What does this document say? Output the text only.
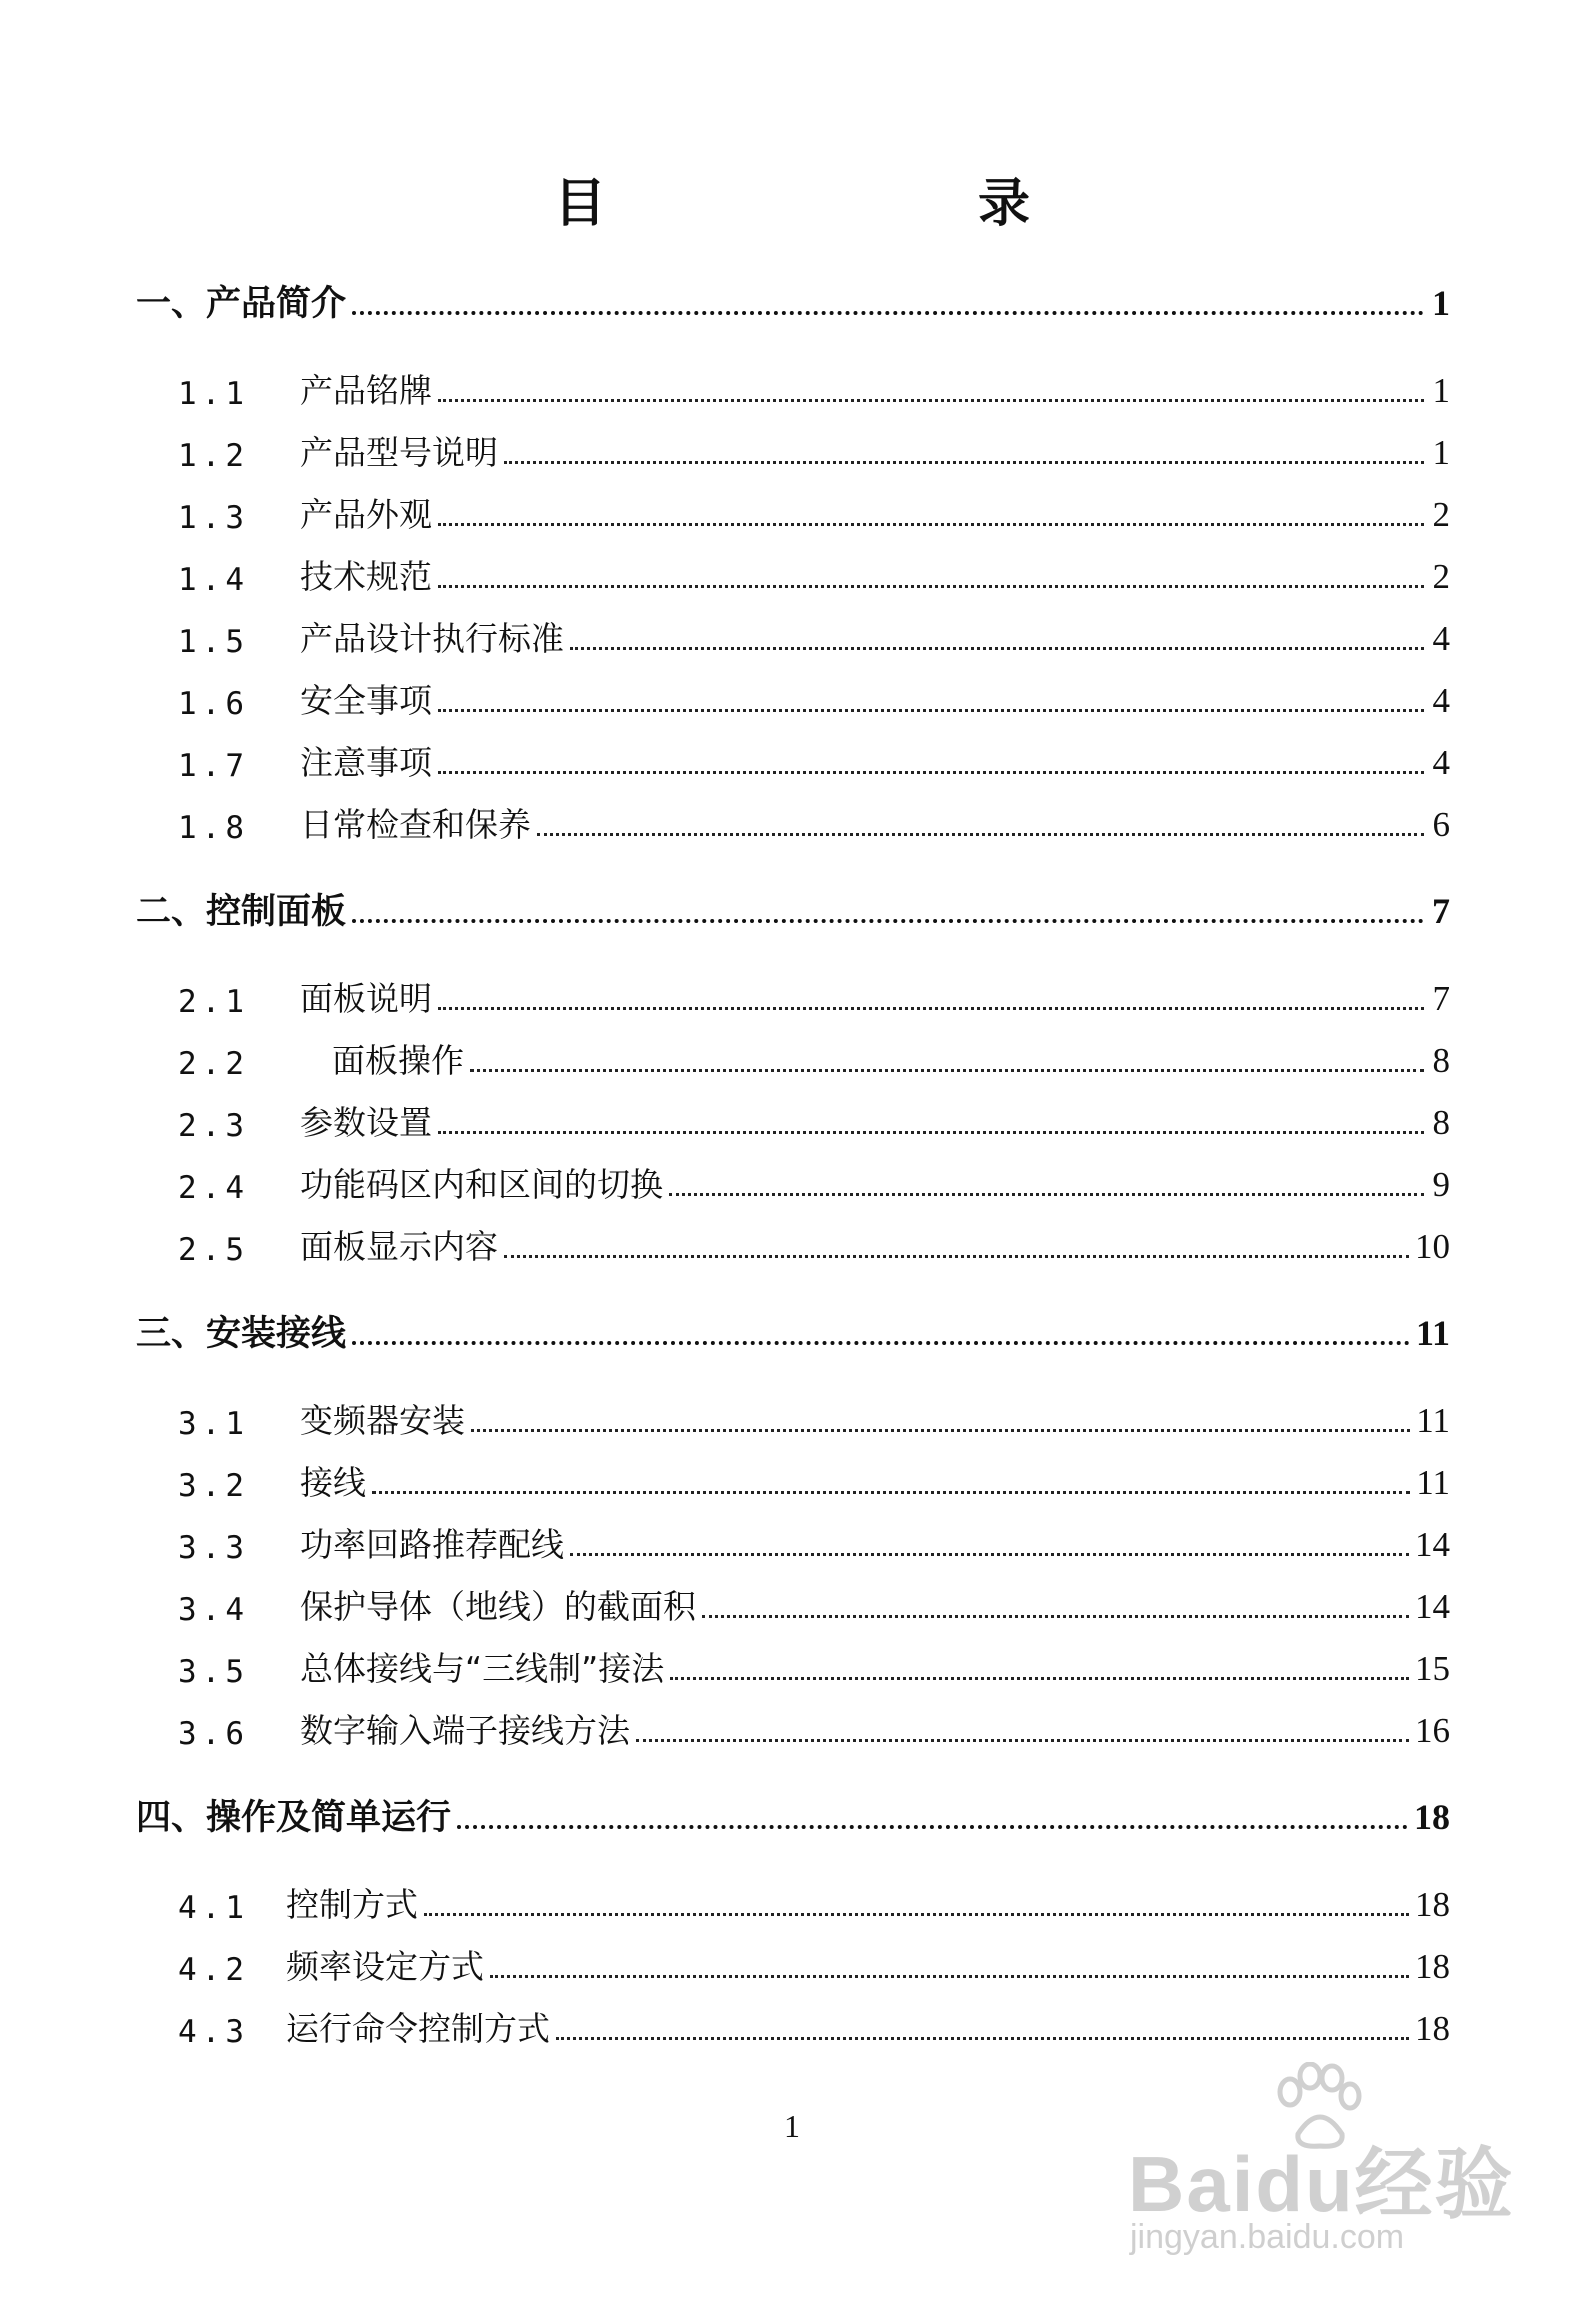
目　录
一、产品简介	1
1.1 产品铭牌	1
1.2 产品型号说明	1
1.3 产品外观	2
1.4 技术规范	2
1.5 产品设计执行标准	4
1.6 安全事项	4
1.7 注意事项	4
1.8 日常检查和保养	6
二、控制面板	7
2.1 面板说明	7
2.2	面板操作	8
2.3 参数设置	8
2.4 功能码区内和区间的切换	9
2.5 面板显示内容	10
三、安装接线	11
3.1 变频器安装	11
3.2 接线	11
3.3 功率回路推荐配线	14
3.4 保护导体（地线）的截面积	14
3.5 总体接线与“三线制”接法	15
3.6 数字输入端子接线方法	16
四、操作及简单运行	18
4.1 控制方式	18
4.2 频率设定方式	18
4.3 运行命令控制方式	18
1
Baidu经验
jingyan.baidu.com
